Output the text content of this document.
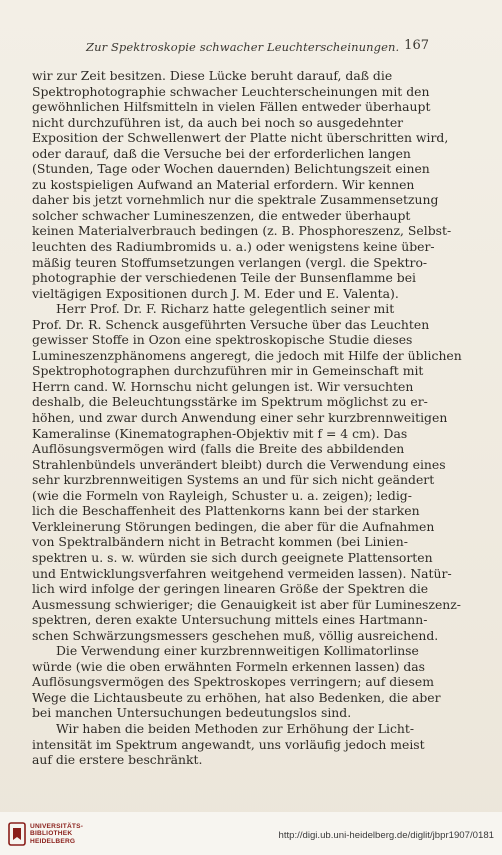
Zur Spektroskopie schwacher Leuchterscheinungen. 167
wir zur Zeit besitzen. Diese Lücke beruht darauf, daß die
Spektrophotographie schwacher Leuchterscheinungen mit den
gewöhnlichen Hilfsmitteln in vielen Fällen entweder überhaupt
nicht durchzuführen ist, da auch bei noch so ausgedehnter
Exposition der Schwellenwert der Platte nicht überschritten wird,
oder darauf, daß die Versuche bei der erforderlichen langen
(Stunden, Tage oder Wochen dauernden) Belichtungszeit einen
zu kostspieligen Aufwand an Material erfordern. Wir kennen
daher bis jetzt vornehmlich nur die spektrale Zusammensetzung
solcher schwacher Lumineszenzen, die entweder überhaupt
keinen Materialverbrauch bedingen (z. B. Phosphoreszenz, Selbst-
leuchten des Radiumbromids u. a.) oder wenigstens keine über-
mäßig teuren Stoffumsetzungen verlangen (vergl. die Spektro-
photographie der verschiedenen Teile der Bunsenflamme bei
vieltägigen Expositionen durch J. M. Eder und E. Valenta).
Herr Prof. Dr. F. Richarz hatte gelegentlich seiner mit
Prof. Dr. R. Schenck ausgeführten Versuche über das Leuchten
gewisser Stoffe in Ozon eine spektroskopische Studie dieses
Lumineszenzphänomens angeregt, die jedoch mit Hilfe der üblichen
Spektrophotographen durchzuführen mir in Gemeinschaft mit
Herrn cand. W. Hornschu nicht gelungen ist. Wir versuchten
deshalb, die Beleuchtungsstärke im Spektrum möglichst zu er-
höhen, und zwar durch Anwendung einer sehr kurzbrennweitigen
Kameralinse (Kinematographen-Objektiv mit f = 4 cm). Das
Auflösungsvermögen wird (falls die Breite des abbildenden
Strahlenbündels unverändert bleibt) durch die Verwendung eines
sehr kurzbrennweitigen Systems an und für sich nicht geändert
(wie die Formeln von Rayleigh, Schuster u. a. zeigen); ledig-
lich die Beschaffenheit des Plattenkorns kann bei der starken
Verkleinerung Störungen bedingen, die aber für die Aufnahmen
von Spektralbändern nicht in Betracht kommen (bei Linien-
spektren u. s. w. würden sie sich durch geeignete Plattensorten
und Entwicklungsverfahren weitgehend vermeiden lassen). Natür-
lich wird infolge der geringen linearen Größe der Spektren die
Ausmessung schwieriger; die Genauigkeit ist aber für Lumineszenz-
spektren, deren exakte Untersuchung mittels eines Hartmann-
schen Schwärzungsmessers geschehen muß, völlig ausreichend.
Die Verwendung einer kurzbrennweitigen Kollimatorlinse
würde (wie die oben erwähnten Formeln erkennen lassen) das
Auflösungsvermögen des Spektroskopes verringern; auf diesem
Wege die Lichtausbeute zu erhöhen, hat also Bedenken, die aber
bei manchen Untersuchungen bedeutungslos sind.
Wir haben die beiden Methoden zur Erhöhung der Licht-
intensität im Spektrum angewandt, uns vorläufig jedoch meist
auf die erstere beschränkt.
UNIVERSITÄTS-
BIBLIOTHEK
HEIDELBERG
http://digi.ub.uni-heidelberg.de/diglit/jbpr1907/0181
